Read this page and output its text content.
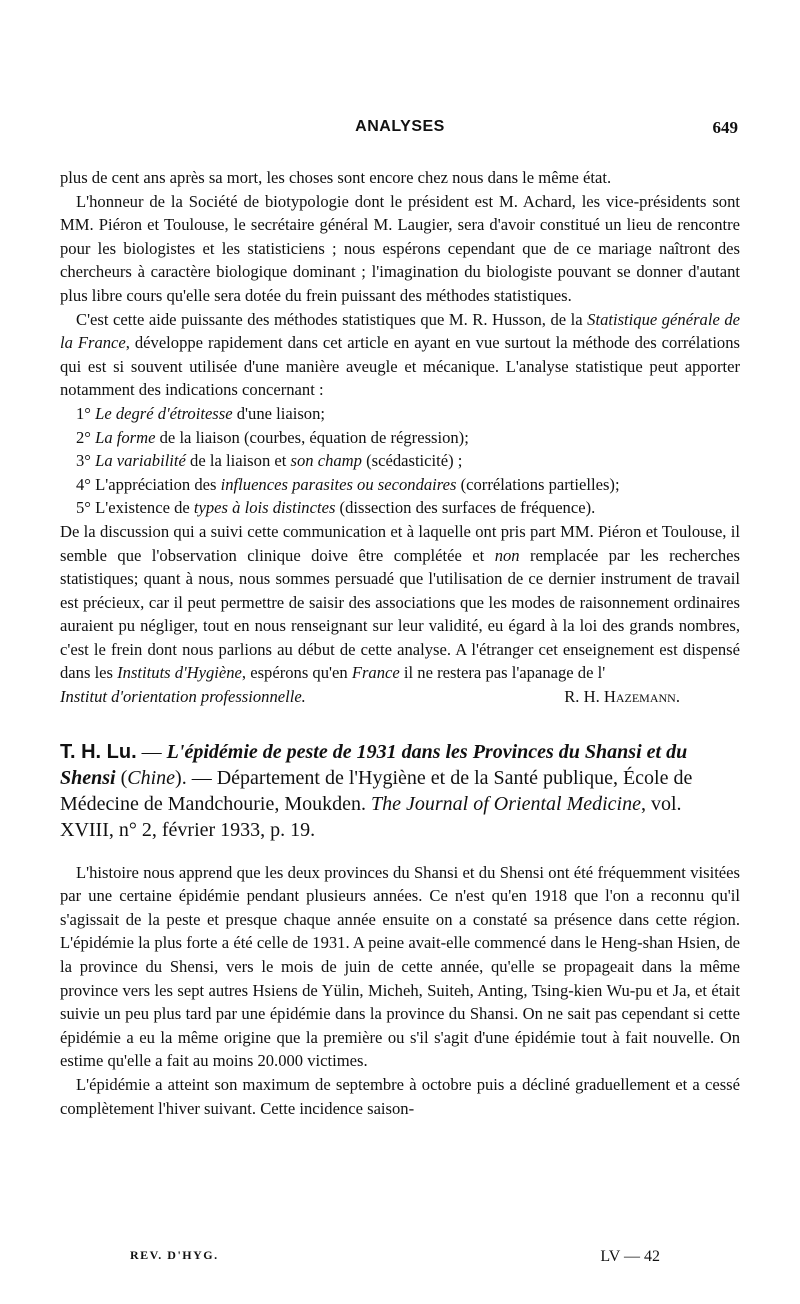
ANALYSES	649

plus de cent ans après sa mort, les choses sont encore chez nous dans le même état.

L'honneur de la Société de biotypologie dont le président est M. Achard, les vice-présidents sont MM. Piéron et Toulouse, le secrétaire général M. Laugier, sera d'avoir constitué un lieu de rencontre pour les biologistes et les statisticiens ; nous espérons cependant que de ce mariage naîtront des chercheurs à caractère biologique dominant ; l'imagination du biologiste pouvant se donner d'autant plus libre cours qu'elle sera dotée du frein puissant des méthodes statistiques.

C'est cette aide puissante des méthodes statistiques que M. R. Husson, de la Statistique générale de la France, développe rapidement dans cet article en ayant en vue surtout la méthode des corrélations qui est si souvent utilisée d'une manière aveugle et mécanique. L'analyse statistique peut apporter notamment des indications concernant :

1° Le degré d'étroitesse d'une liaison;

2° La forme de la liaison (courbes, équation de régression);

3° La variabilité de la liaison et son champ (scédasticité) ;

4° L'appréciation des influences parasites ou secondaires (corrélations partielles);

5° L'existence de types à lois distinctes (dissection des surfaces de fréquence).

De la discussion qui a suivi cette communication et à laquelle ont pris part MM. Piéron et Toulouse, il semble que l'observation clinique doive être complétée et non remplacée par les recherches statistiques; quant à nous, nous sommes persuadé que l'utilisation de ce dernier instrument de travail est précieux, car il peut permettre de saisir des associations que les modes de raisonnement ordinaires auraient pu négliger, tout en nous renseignant sur leur validité, eu égard à la loi des grands nombres, c'est le frein dont nous parlions au début de cette analyse. A l'étranger cet enseignement est dispensé dans les Instituts d'Hygiène, espérons qu'en France il ne restera pas l'apanage de l'

Institut d'orientation professionnelle.	R. H. Hazemann.

T. H. Lu. — L'épidémie de peste de 1931 dans les Provinces du Shansi et du Shensi (Chine). — Département de l'Hygiène et de la Santé publique, École de Médecine de Mandchourie, Moukden. The Journal of Oriental Medicine, vol. XVIII, n° 2, février 1933, p. 19.

L'histoire nous apprend que les deux provinces du Shansi et du Shensi ont été fréquemment visitées par une certaine épidémie pendant plusieurs années. Ce n'est qu'en 1918 que l'on a reconnu qu'il s'agissait de la peste et presque chaque année ensuite on a constaté sa présence dans cette région. L'épidémie la plus forte a été celle de 1931. A peine avait-elle commencé dans le Heng-shan Hsien, de la province du Shensi, vers le mois de juin de cette année, qu'elle se propageait dans la même province vers les sept autres Hsiens de Yülin, Micheh, Suiteh, Anting, Tsing-kien Wu-pu et Ja, et était suivie un peu plus tard par une épidémie dans la province du Shansi. On ne sait pas cependant si cette épidémie a eu la même origine que la première ou s'il s'agit d'une épidémie tout à fait nouvelle. On estime qu'elle a fait au moins 20.000 victimes.

L'épidémie a atteint son maximum de septembre à octobre puis a décliné graduellement et a cessé complètement l'hiver suivant. Cette incidence saison-

REV. D'HYG.	LV — 42
